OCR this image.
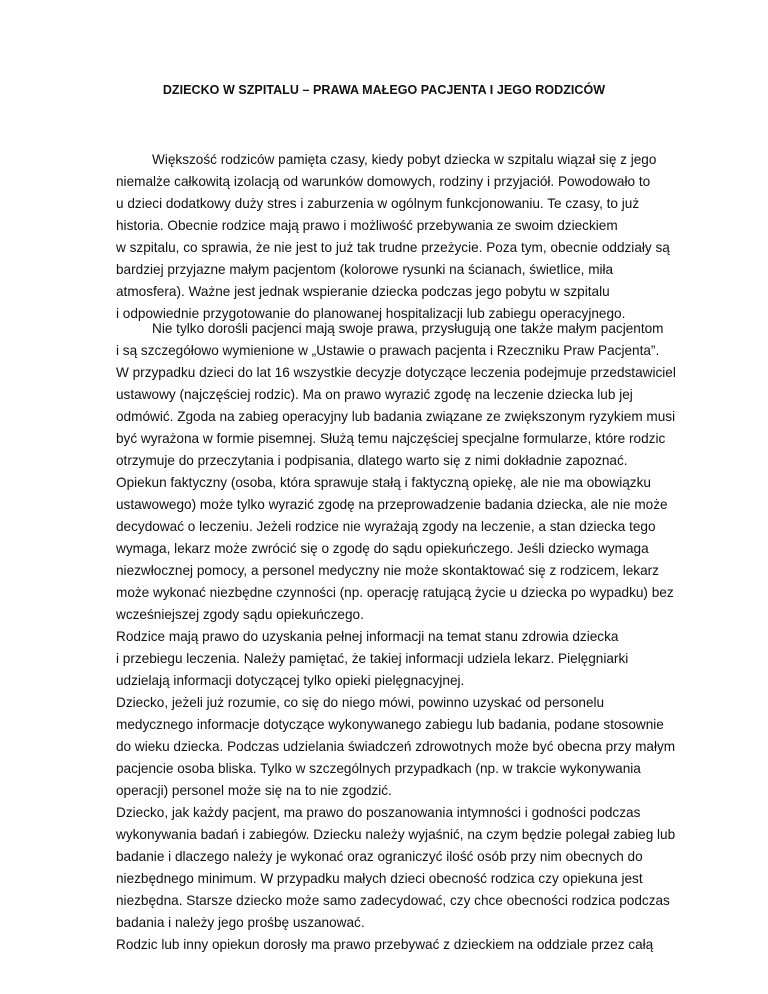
DZIECKO W SZPITALU – PRAWA MAŁEGO PACJENTA I JEGO RODZICÓW
Większość rodziców pamięta czasy, kiedy pobyt dziecka w szpitalu wiązał się z jego
niemalże całkowitą izolacją od warunków domowych, rodziny i przyjaciół. Powodowało to
u dzieci dodatkowy duży stres i zaburzenia w ogólnym funkcjonowaniu. Te czasy, to już
historia. Obecnie rodzice mają prawo i możliwość przebywania ze swoim dzieckiem
w szpitalu, co sprawia, że nie jest to już tak trudne przeżycie. Poza tym, obecnie oddziały są
bardziej przyjazne małym pacjentom (kolorowe rysunki na ścianach, świetlice, miła
atmosfera). Ważne jest jednak wspieranie dziecka podczas jego pobytu w szpitalu
i odpowiednie przygotowanie do planowanej hospitalizacji lub zabiegu operacyjnego.
Nie tylko dorośli pacjenci mają swoje prawa, przysługują one także małym pacjentom
i są szczegółowo wymienione w „Ustawie o prawach pacjenta i Rzeczniku Praw Pacjenta”.
W przypadku dzieci do lat 16 wszystkie decyzje dotyczące leczenia podejmuje przedstawiciel
ustawowy (najczęściej rodzic). Ma on prawo wyrazić zgodę na leczenie dziecka lub jej
odmówić. Zgoda na zabieg operacyjny lub badania związane ze zwiększonym ryzykiem musi
być wyrażona w formie pisemnej. Służą temu najczęściej specjalne formularze, które rodzic
otrzymuje do przeczytania i podpisania, dlatego warto się z nimi dokładnie zapoznać.
Opiekun faktyczny (osoba, która sprawuje stałą i faktyczną opiekę, ale nie ma obowiązku
ustawowego) może tylko wyrazić zgodę na przeprowadzenie badania dziecka, ale nie może
decydować o leczeniu. Jeżeli rodzice nie wyrażają zgody na leczenie, a stan dziecka tego
wymaga, lekarz może zwrócić się o zgodę do sądu opiekuńczego. Jeśli dziecko wymaga
niezwłocznej pomocy, a personel medyczny nie może skontaktować się z rodzicem, lekarz
może wykonać niezbędne czynności (np. operację ratującą życie u dziecka po wypadku) bez
wcześniejszej zgody sądu opiekuńczego.
Rodzice mają prawo do uzyskania pełnej informacji na temat stanu zdrowia dziecka
i przebiegu leczenia. Należy pamiętać, że takiej informacji udziela lekarz. Pielęgniarki
udzielają informacji dotyczącej tylko opieki pielęgnacyjnej.
Dziecko, jeżeli już rozumie, co się do niego mówi, powinno uzyskać od personelu
medycznego informacje dotyczące wykonywanego zabiegu lub badania, podane stosownie
do wieku dziecka. Podczas udzielania świadczeń zdrowotnych może być obecna przy małym
pacjencie osoba bliska. Tylko w szczególnych przypadkach (np. w trakcie wykonywania
operacji) personel może się na to nie zgodzić.
Dziecko, jak każdy pacjent, ma prawo do poszanowania intymności i godności podczas
wykonywania badań i zabiegów. Dziecku należy wyjaśnić, na czym będzie polegał zabieg lub
badanie i dlaczego należy je wykonać oraz ograniczyć ilość osób przy nim obecnych do
niezbędnego minimum. W przypadku małych dzieci obecność rodzica czy opiekuna jest
niezbędna. Starsze dziecko może samo zadecydować, czy chce obecności rodzica podczas
badania i należy jego prośbę uszanować.
Rodzic lub inny opiekun dorosły ma prawo przebywać z dzieckiem na oddziale przez całą
